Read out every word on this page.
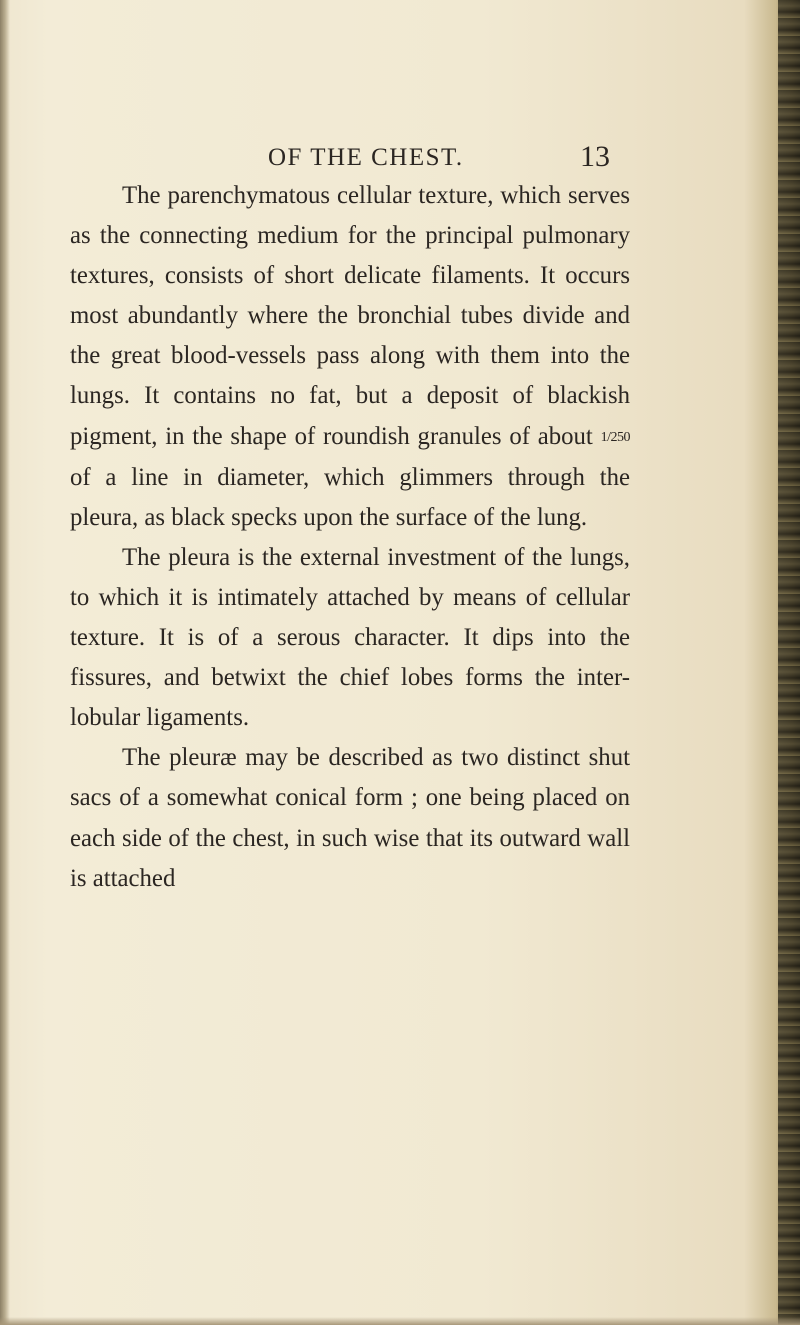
OF THE CHEST.	13

The parenchymatous cellular texture, which serves as the connecting medium for the principal pulmonary textures, consists of short delicate filaments. It occurs most abundantly where the bronchial tubes divide and the great blood-vessels pass along with them into the lungs. It contains no fat, but a deposit of blackish pigment, in the shape of roundish granules of about 1/250 of a line in diameter, which glimmers through the pleura, as black specks upon the surface of the lung.

The pleura is the external investment of the lungs, to which it is intimately attached by means of cellular texture. It is of a serous character. It dips into the fissures, and betwixt the chief lobes forms the inter-lobular ligaments.

The pleuræ may be described as two distinct shut sacs of a somewhat conical form ; one being placed on each side of the chest, in such wise that its outward wall is attached
